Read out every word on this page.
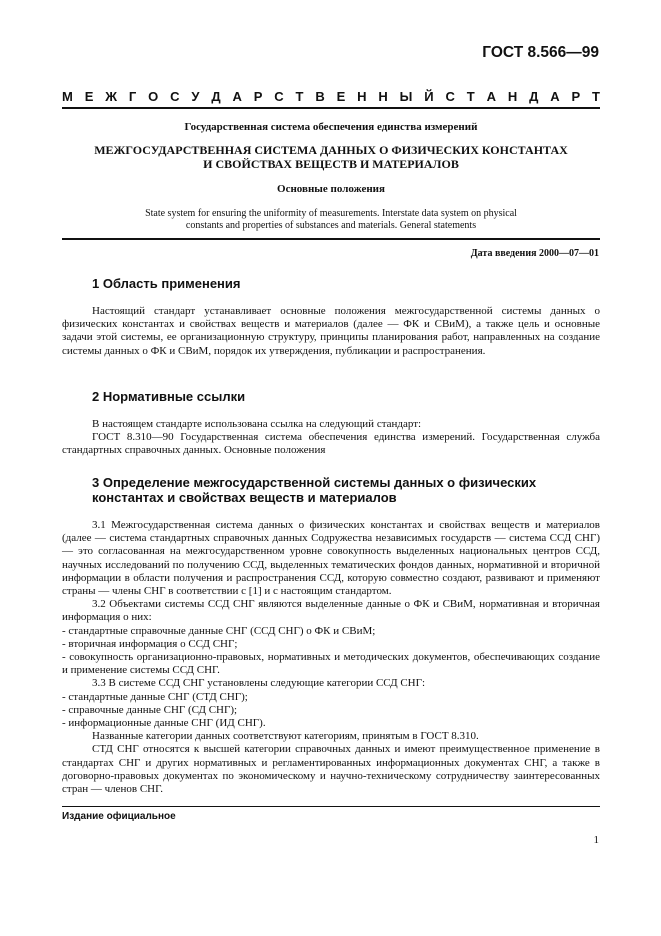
ГОСТ 8.566—99
М Е Ж Г О С У Д А Р С Т В Е Н Н Ы Й С Т А Н Д А Р Т
Государственная система обеспечения единства измерений
МЕЖГОСУДАРСТВЕННАЯ СИСТЕМА ДАННЫХ О ФИЗИЧЕСКИХ КОНСТАНТАХ
И СВОЙСТВАХ ВЕЩЕСТВ И МАТЕРИАЛОВ
Основные положения
State system for ensuring the uniformity of measurements. Interstate data system on physical
constants and properties of substances and materials. General statements
Дата введения 2000—07—01
1 Область применения

Настоящий стандарт устанавливает основные положения межгосударственной системы данных о физических константах и свойствах веществ и материалов (далее — ФК и СВиМ), а также цель и основные задачи этой системы, ее организационную структуру, принципы планирования работ, направленных на создание системы данных о ФК и СВиМ, порядок их утверждения, публикации и распространения.

2 Нормативные ссылки

В настоящем стандарте использована ссылка на следующий стандарт:

ГОСТ 8.310—90 Государственная система обеспечения единства измерений. Государственная служба стандартных справочных данных. Основные положения

3 Определение межгосударственной системы данных о физических константах и свойствах веществ и материалов

3.1 Межгосударственная система данных о физических константах и свойствах веществ и материалов (далее — система стандартных справочных данных Содружества независимых государств — система ССД СНГ) — это согласованная на межгосударственном уровне совокупность выделенных национальных центров ССД, научных исследований по получению ССД, выделенных тематических фондов данных, нормативной и вторичной информации в области получения и распространения ССД, которую совместно создают, развивают и применяют страны — члены СНГ в соответствии с [1] и с настоящим стандартом.

3.2 Объектами системы ССД СНГ являются выделенные данные о ФК и СВиМ, нормативная и вторичная информация о них:

- стандартные справочные данные СНГ (ССД СНГ) о ФК и СВиМ;

- вторичная информация о ССД СНГ;

- совокупность организационно-правовых, нормативных и методических документов, обеспечивающих создание и применение системы ССД СНГ.

3.3 В системе ССД СНГ установлены следующие категории ССД СНГ:

- стандартные данные СНГ (СТД СНГ);

- справочные данные СНГ (СД СНГ);

- информационные данные СНГ (ИД СНГ).

Названные категории данных соответствуют категориям, принятым в ГОСТ 8.310.

СТД СНГ относятся к высшей категории справочных данных и имеют преимущественное применение в стандартах СНГ и других нормативных и регламентированных информационных документах СНГ, а также в договорно-правовых документах по экономическому и научно-техническому сотрудничеству заинтересованных стран — членов СНГ.

Издание официальное
1
